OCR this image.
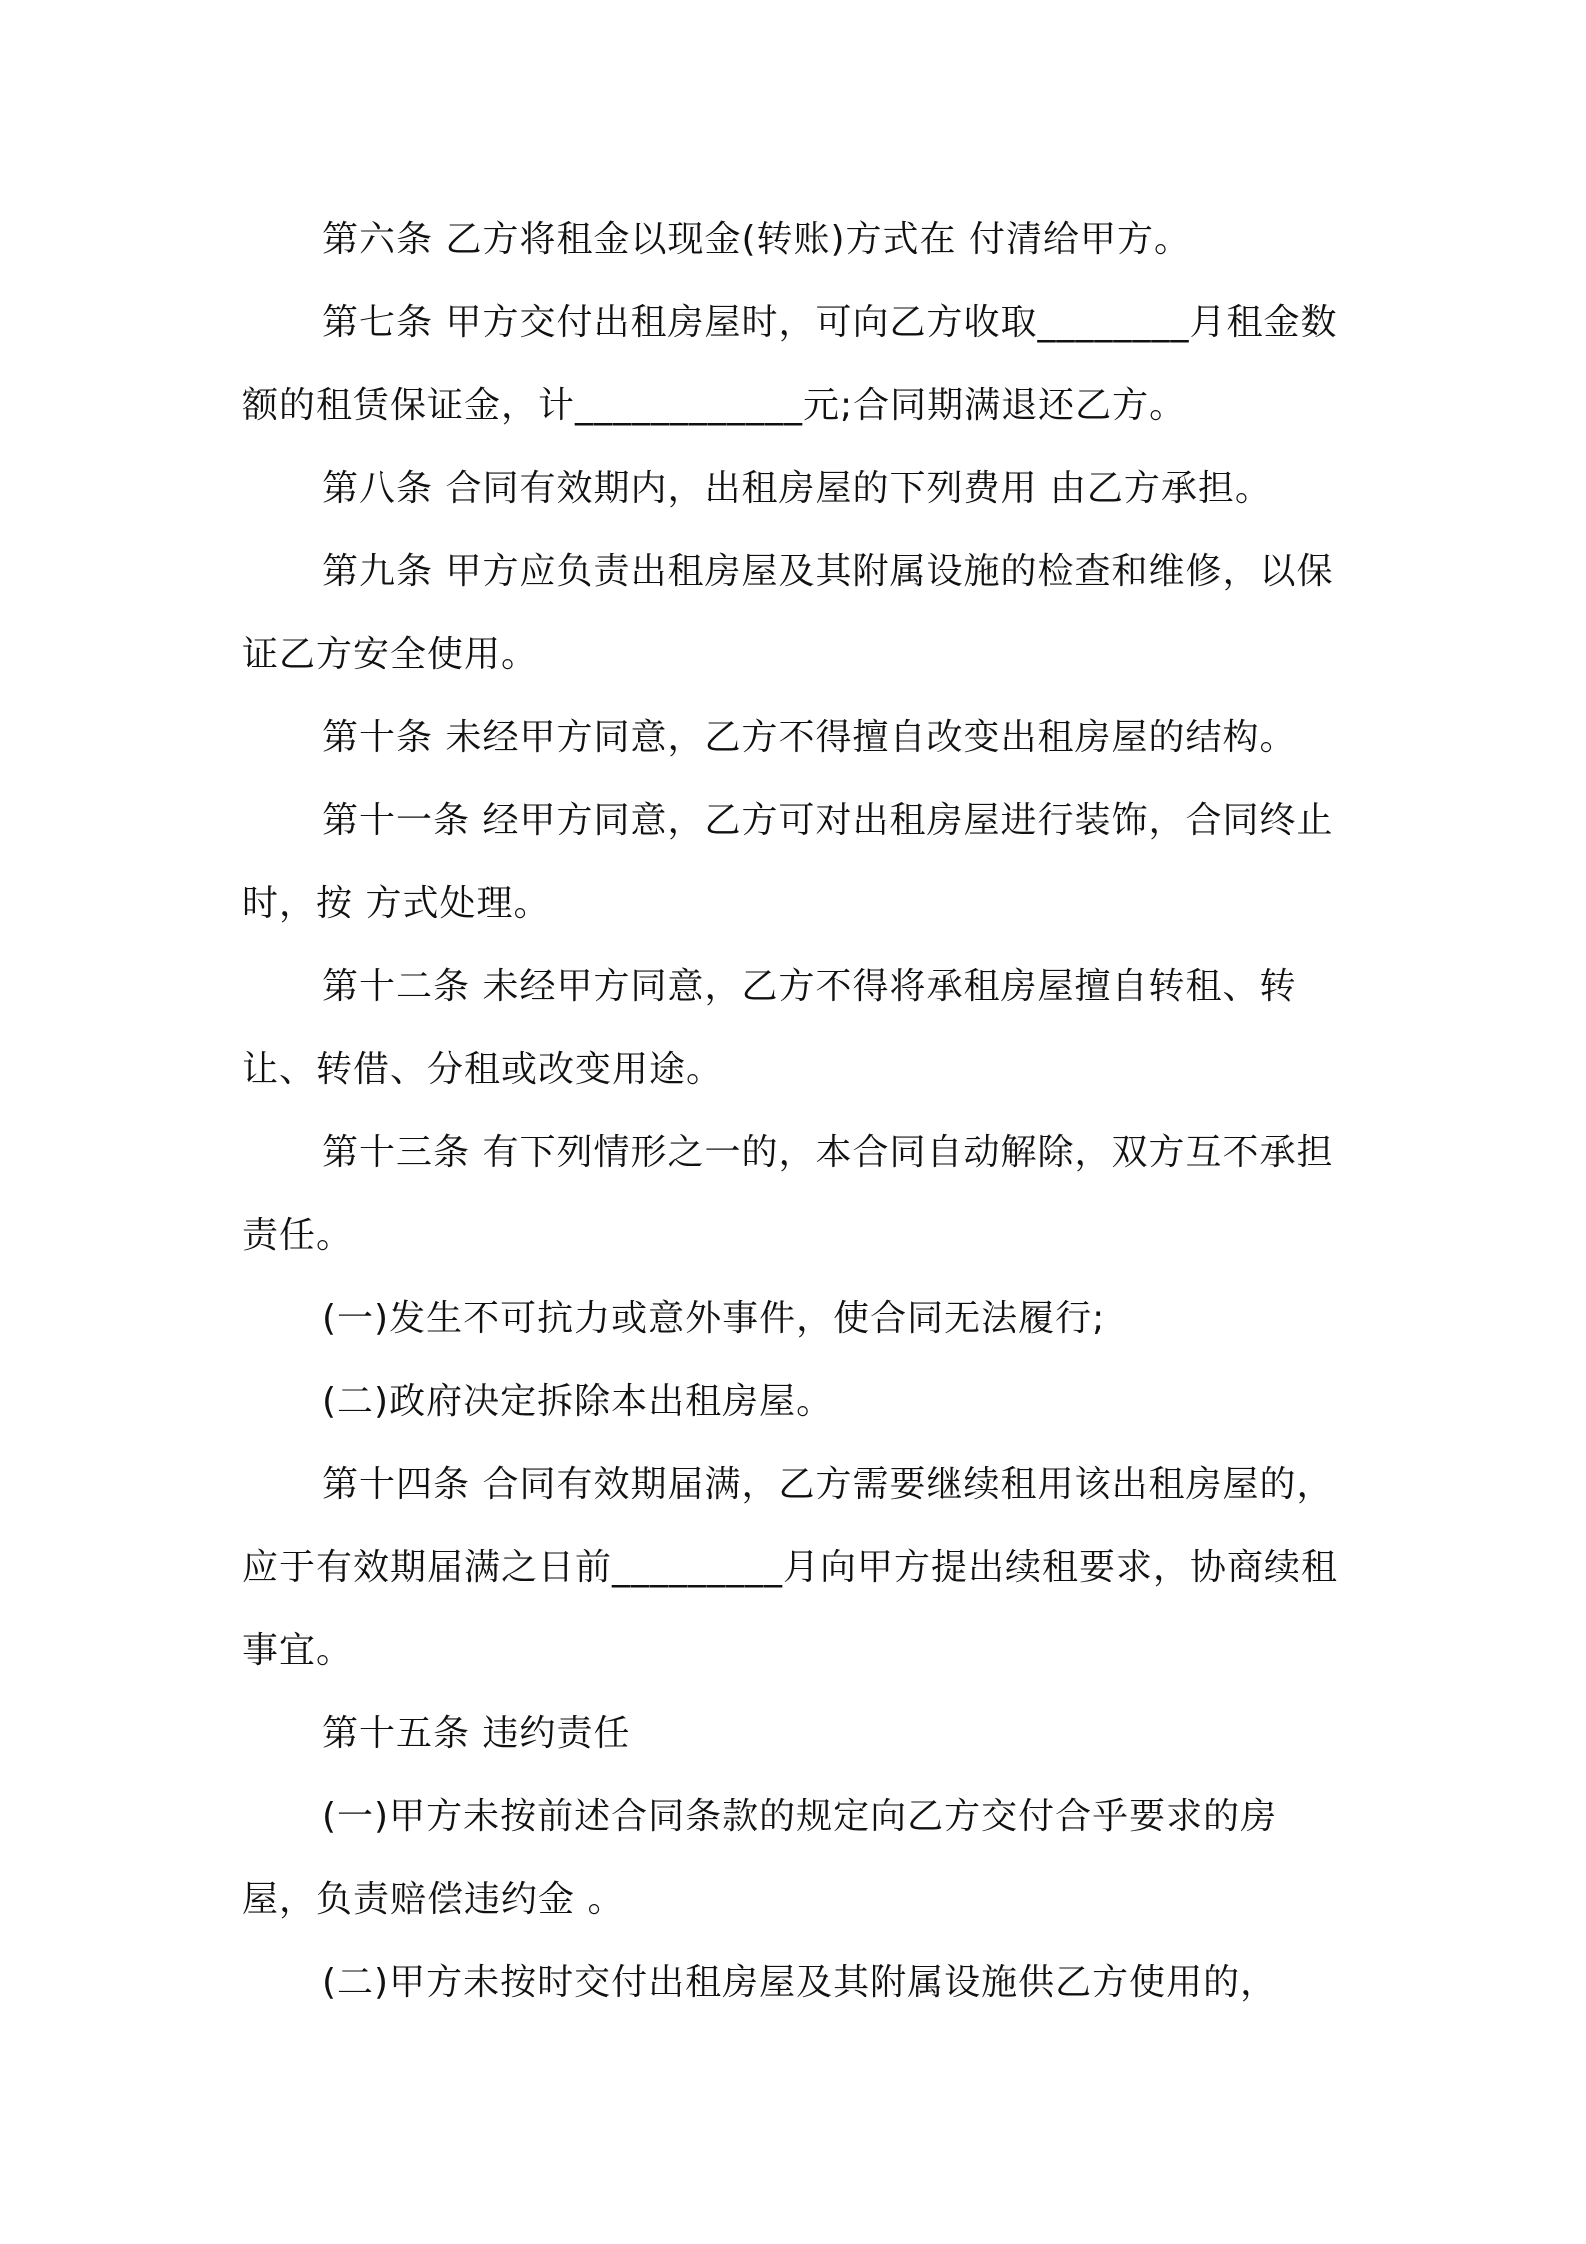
第六条 乙方将租金以现金(转账)方式在 付清给甲方。

第七条 甲方交付出租房屋时，可向乙方收取________月租金数额的租赁保证金，计____________元;合同期满退还乙方。

第八条 合同有效期内，出租房屋的下列费用 由乙方承担。

第九条 甲方应负责出租房屋及其附属设施的检查和维修，以保证乙方安全使用。

第十条 未经甲方同意，乙方不得擅自改变出租房屋的结构。

第十一条 经甲方同意，乙方可对出租房屋进行装饰，合同终止时，按 方式处理。

第十二条 未经甲方同意，乙方不得将承租房屋擅自转租、转让、转借、分租或改变用途。

第十三条 有下列情形之一的，本合同自动解除，双方互不承担责任。

(一)发生不可抗力或意外事件，使合同无法履行;

(二)政府决定拆除本出租房屋。

第十四条 合同有效期届满，乙方需要继续租用该出租房屋的，应于有效期届满之日前_________月向甲方提出续租要求，协商续租事宜。

第十五条 违约责任

(一)甲方未按前述合同条款的规定向乙方交付合乎要求的房屋，负责赔偿违约金 。

(二)甲方未按时交付出租房屋及其附属设施供乙方使用的，
